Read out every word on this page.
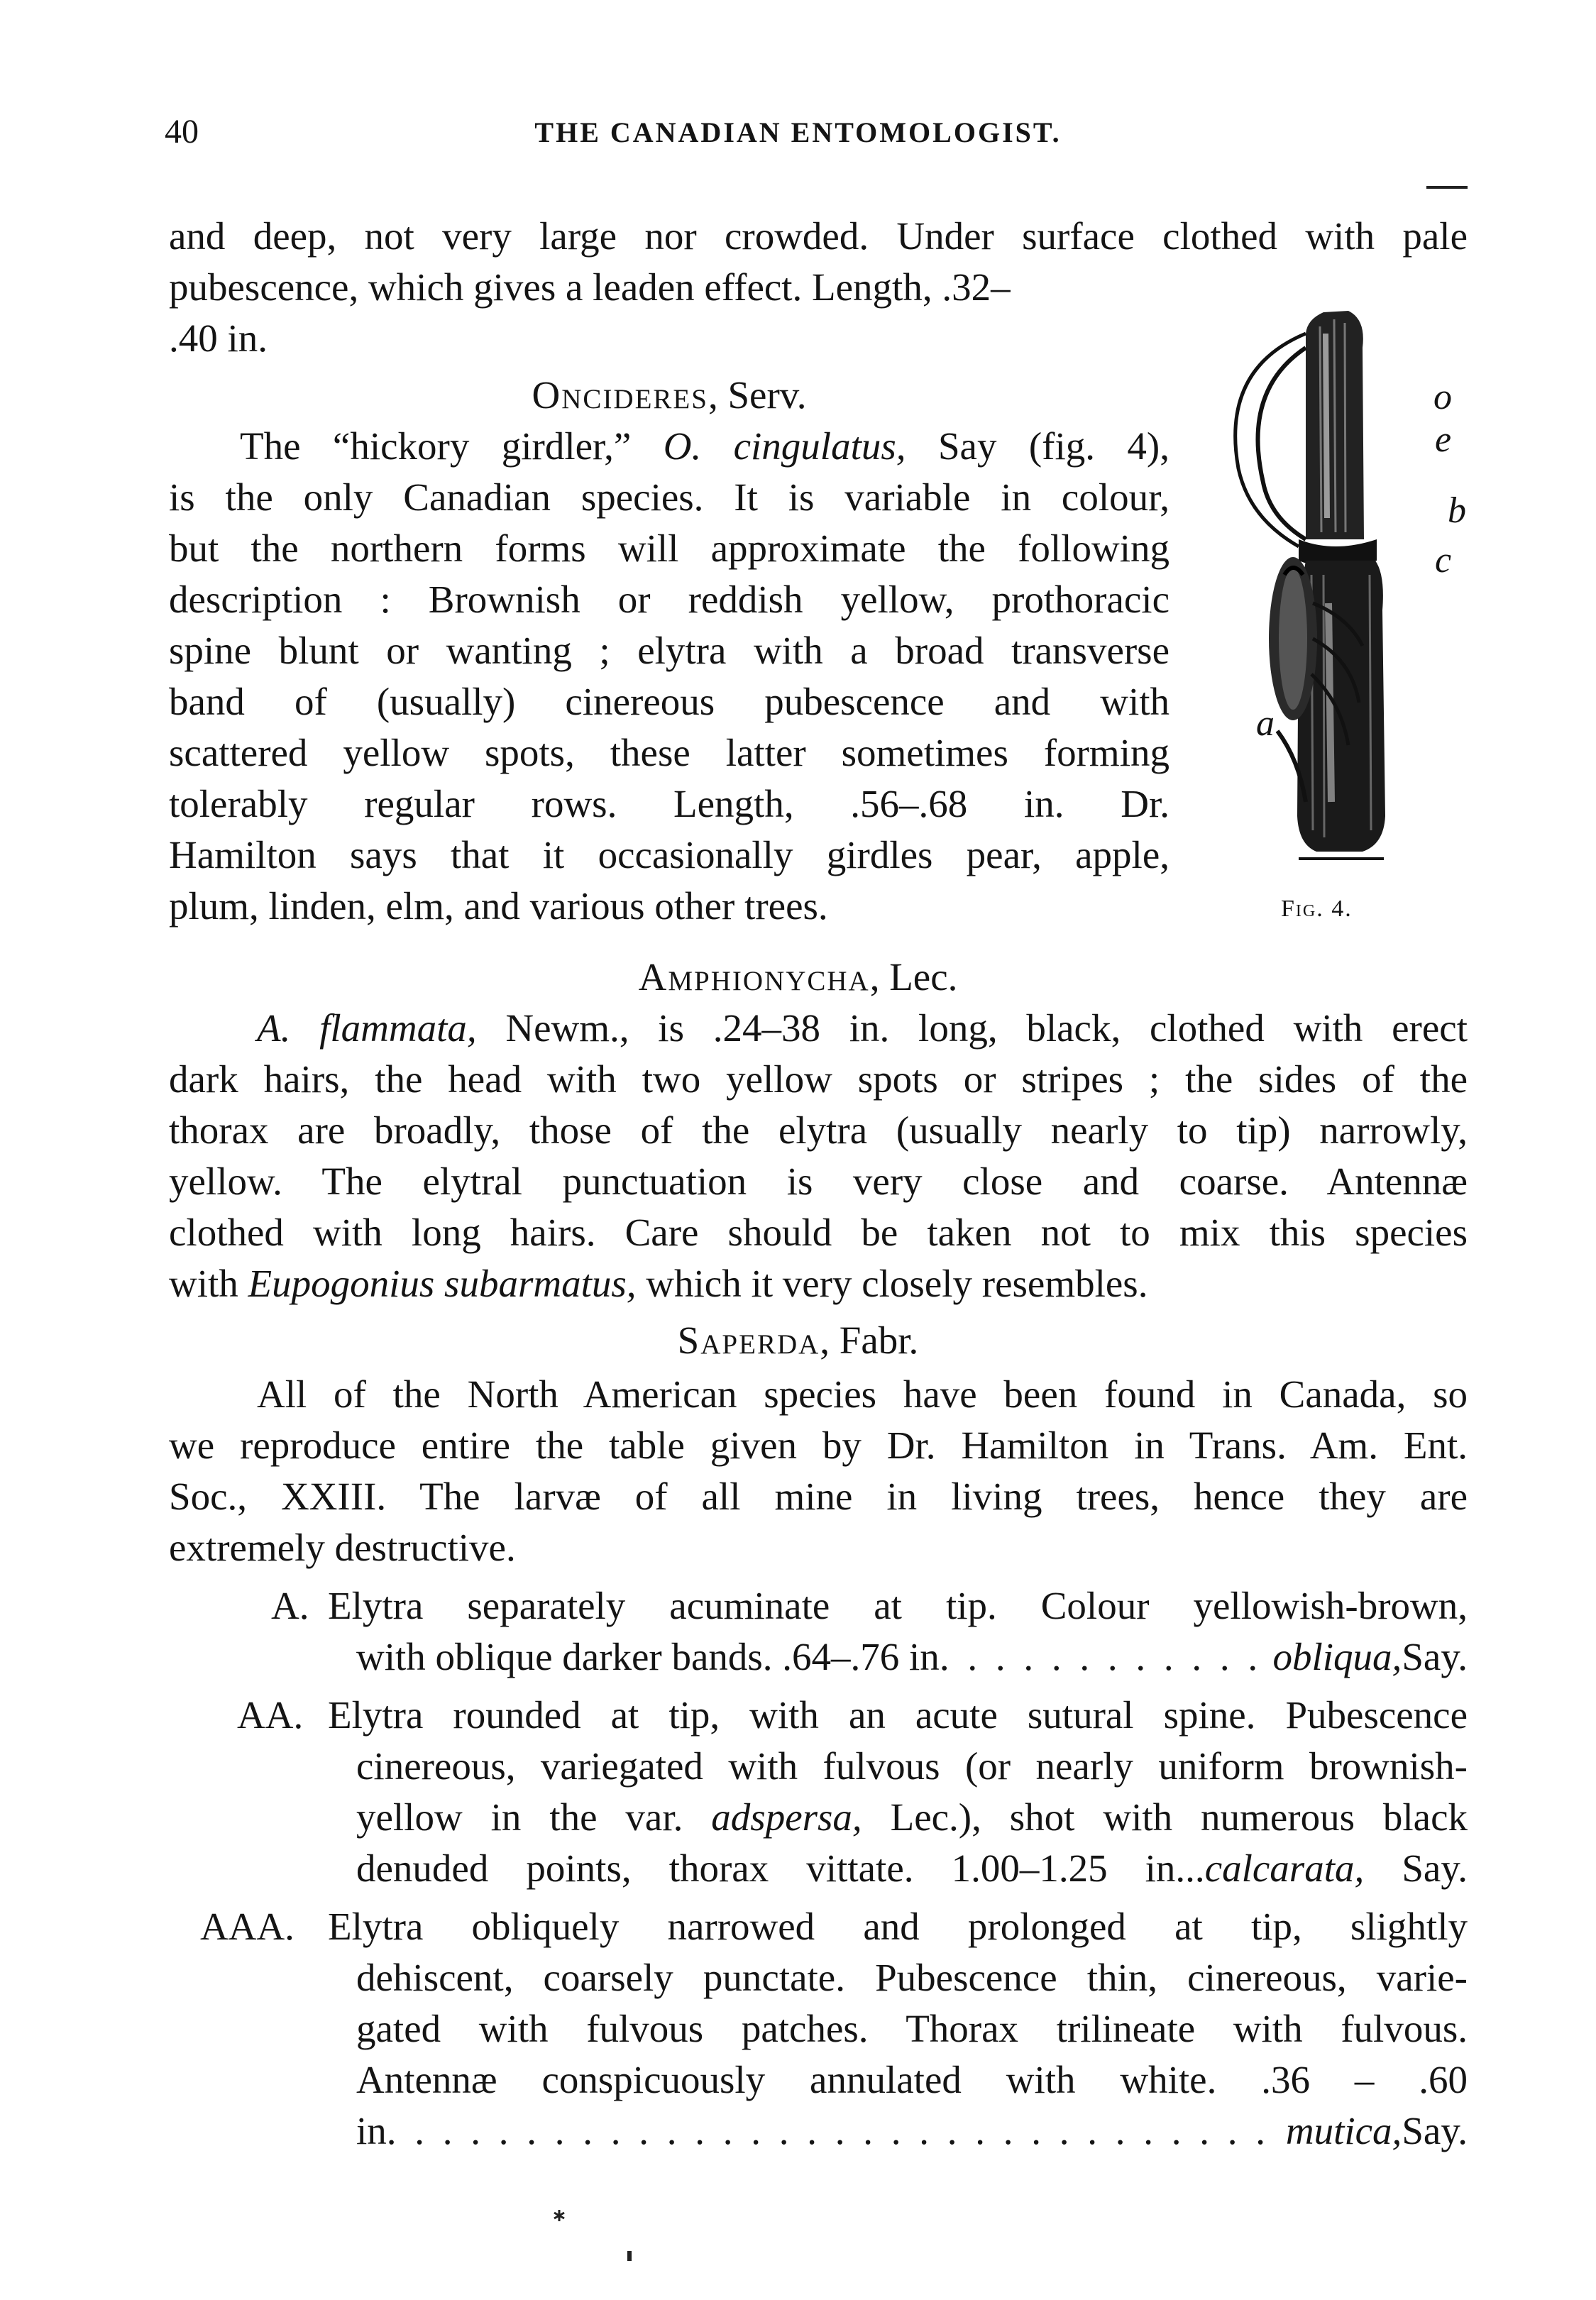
40	THE CANADIAN ENTOMOLOGIST.
and deep, not very large nor crowded. Under surface clothed with pale
pubescence, which gives a leaden effect. Length, .32–
.40 in.
Oncideres, Serv.
The “hickory girdler,” O. cingulatus, Say (fig. 4),
is the only Canadian species. It is variable in colour,
but the northern forms will approximate the following
description : Brownish or reddish yellow, prothoracic
spine blunt or wanting ; elytra with a broad transverse
band of (usually) cinereous pubescence and with
scattered yellow spots, these latter sometimes forming
tolerably regular rows. Length, .56–.68 in. Dr.
Hamilton says that it occasionally girdles pear, apple,
plum, linden, elm, and various other trees.
o
e
b
c
a
Fig. 4.
Amphionycha, Lec.
A. flammata, Newm., is .24–38 in. long, black, clothed with erect
dark hairs, the head with two yellow spots or stripes ; the sides of the
thorax are broadly, those of the elytra (usually nearly to tip) narrowly,
yellow. The elytral punctuation is very close and coarse. Antennæ
clothed with long hairs. Care should be taken not to mix this species
with Eupogonius subarmatus, which it very closely resembles.
Saperda, Fabr.
All of the North American species have been found in Canada, so
we reproduce entire the table given by Dr. Hamilton in Trans. Am. Ent.
Soc., XXIII. The larvæ of all mine in living trees, hence they are
extremely destructive.
A. Elytra separately acuminate at tip. Colour yellowish-brown,
with oblique darker bands. .64–.76 in . . .	obliqua, Say.
AA. Elytra rounded at tip, with an acute sutural spine. Pubescence
cinereous, variegated with fulvous (or nearly uniform brownish-
yellow in the var. adspersa, Lec.), shot with numerous black
denuded points, thorax vittate. 1.00–1.25 in...calcarata, Say.
AAA. Elytra obliquely narrowed and prolonged at tip, slightly
dehiscent, coarsely punctate. Pubescence thin, cinereous, varie-
gated with fulvous patches. Thorax trilineate with fulvous.
Antennæ conspicuously annulated with white. .36 – .60
in . . .	mutica, Say.
